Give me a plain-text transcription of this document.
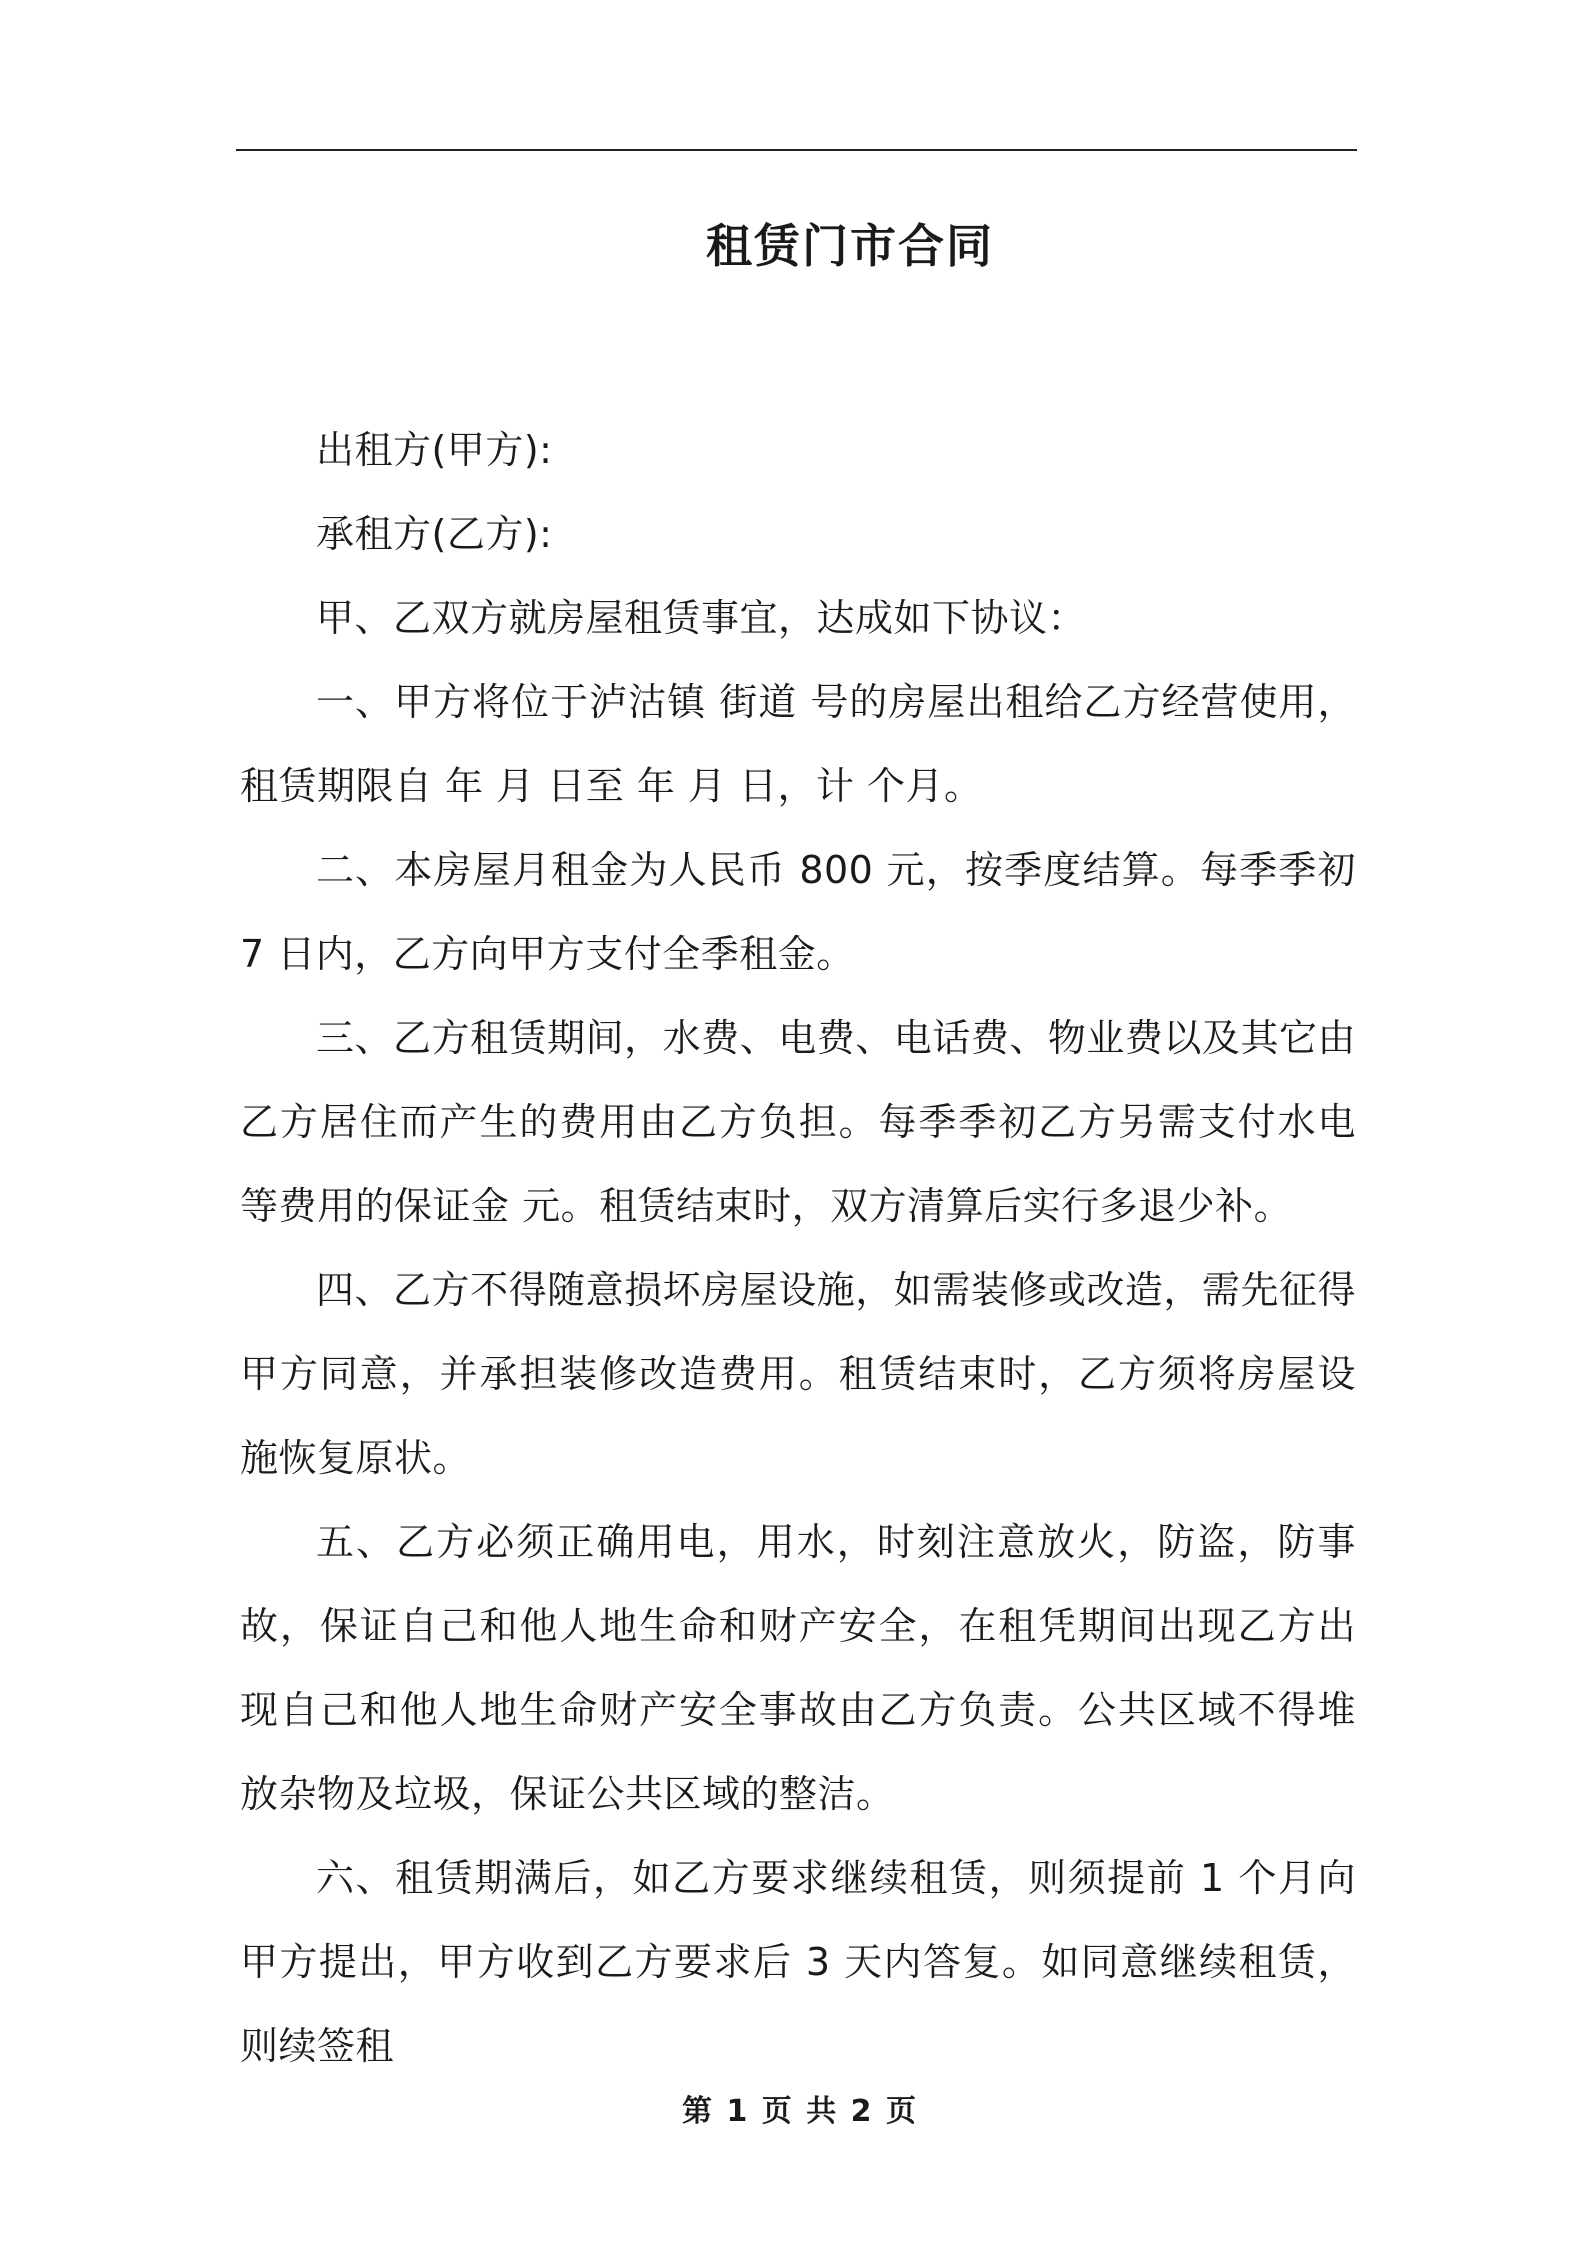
租赁门市合同

出租方(甲方):

承租方(乙方):

甲、乙双方就房屋租赁事宜，达成如下协议：

一、甲方将位于泸沽镇 街道 号的房屋出租给乙方经营使用，租赁期限自 年 月 日至 年 月 日，计 个月。

二、本房屋月租金为人民币 800 元，按季度结算。每季季初 7 日内，乙方向甲方支付全季租金。

三、乙方租赁期间，水费、电费、电话费、物业费以及其它由乙方居住而产生的费用由乙方负担。每季季初乙方另需支付水电等费用的保证金 元。租赁结束时，双方清算后实行多退少补。

四、乙方不得随意损坏房屋设施，如需装修或改造，需先征得甲方同意，并承担装修改造费用。租赁结束时，乙方须将房屋设施恢复原状。

五、乙方必须正确用电，用水，时刻注意放火，防盗，防事故，保证自己和他人地生命和财产安全，在租凭期间出现乙方出现自己和他人地生命财产安全事故由乙方负责。公共区域不得堆放杂物及垃圾，保证公共区域的整洁。

六、租赁期满后，如乙方要求继续租赁，则须提前 1 个月向甲方提出，甲方收到乙方要求后 3 天内答复。如同意继续租赁，则续签租

第 1 页 共 2 页
